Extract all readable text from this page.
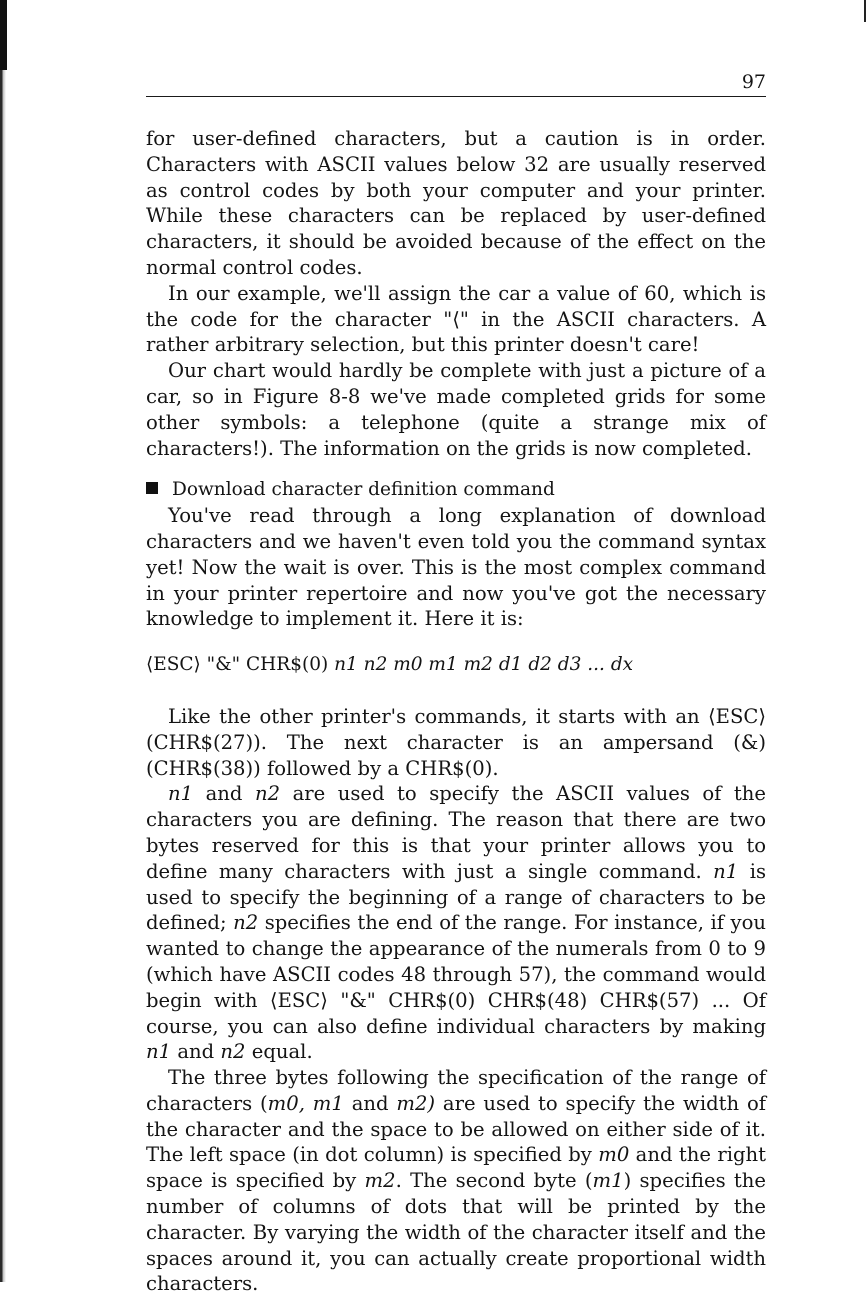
97

for user-defined characters, but a caution is in order. Characters with ASCII values below 32 are usually reserved as control codes by both your computer and your printer. While these characters can be replaced by user-defined characters, it should be avoided because of the effect on the normal control codes.

In our example, we'll assign the car a value of 60, which is the code for the character "⟨" in the ASCII characters. A rather arbitrary selection, but this printer doesn't care!

Our chart would hardly be complete with just a picture of a car, so in Figure 8-8 we've made completed grids for some other symbols: a telephone (quite a strange mix of characters!). The information on the grids is now completed.

Download character definition command

You've read through a long explanation of download characters and we haven't even told you the command syntax yet! Now the wait is over. This is the most complex command in your printer repertoire and now you've got the necessary knowledge to implement it. Here it is:

⟨ESC⟩ "&" CHR$(0) n1 n2 m0 m1 m2 d1 d2 d3 ... dx

Like the other printer's commands, it starts with an ⟨ESC⟩ (CHR$(27)). The next character is an ampersand (&) (CHR$(38)) followed by a CHR$(0).

n1 and n2 are used to specify the ASCII values of the characters you are defining. The reason that there are two bytes reserved for this is that your printer allows you to define many characters with just a single command. n1 is used to specify the beginning of a range of characters to be defined; n2 specifies the end of the range. For instance, if you wanted to change the appearance of the numerals from 0 to 9 (which have ASCII codes 48 through 57), the command would begin with ⟨ESC⟩ "&" CHR$(0) CHR$(48) CHR$(57) ... Of course, you can also define individual characters by making n1 and n2 equal.

The three bytes following the specification of the range of characters (m0, m1 and m2) are used to specify the width of the character and the space to be allowed on either side of it. The left space (in dot column) is specified by m0 and the right space is specified by m2. The second byte (m1) specifies the number of columns of dots that will be printed by the character. By varying the width of the character itself and the spaces around it, you can actually create proportional width characters.
